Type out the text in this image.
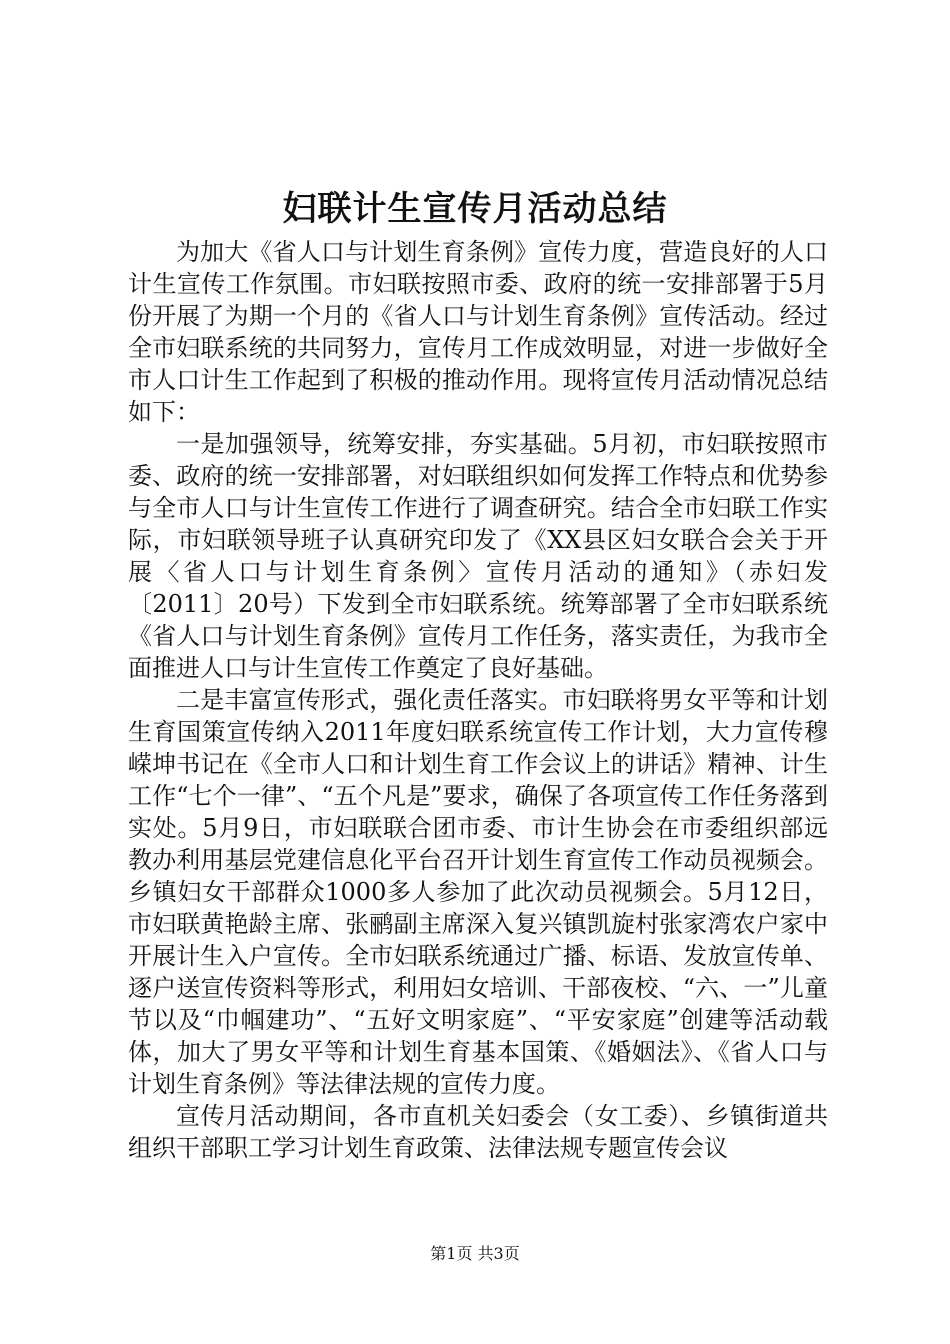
妇联计生宣传月活动总结

为加大《省人口与计划生育条例》宣传力度，营造良好的人口计生宣传工作氛围。市妇联按照市委、政府的统一安排部署于5月份开展了为期一个月的《省人口与计划生育条例》宣传活动。经过全市妇联系统的共同努力，宣传月工作成效明显，对进一步做好全市人口计生工作起到了积极的推动作用。现将宣传月活动情况总结如下：

一是加强领导，统筹安排，夯实基础。5月初，市妇联按照市委、政府的统一安排部署，对妇联组织如何发挥工作特点和优势参与全市人口与计生宣传工作进行了调查研究。结合全市妇联工作实际，市妇联领导班子认真研究印发了《XX县区妇女联合会关于开展〈省人口与计划生育条例〉宣传月活动的通知》（赤妇发〔2011〕20号）下发到全市妇联系统。统筹部署了全市妇联系统《省人口与计划生育条例》宣传月工作任务，落实责任，为我市全面推进人口与计生宣传工作奠定了良好基础。

二是丰富宣传形式，强化责任落实。市妇联将男女平等和计划生育国策宣传纳入2011年度妇联系统宣传工作计划，大力宣传穆嵘坤书记在《全市人口和计划生育工作会议上的讲话》精神、计生工作“七个一律”、“五个凡是”要求，确保了各项宣传工作任务落到实处。5月9日，市妇联联合团市委、市计生协会在市委组织部远教办利用基层党建信息化平台召开计划生育宣传工作动员视频会。乡镇妇女干部群众1000多人参加了此次动员视频会。5月12日，市妇联黄艳龄主席、张鹂副主席深入复兴镇凯旋村张家湾农户家中开展计生入户宣传。全市妇联系统通过广播、标语、发放宣传单、逐户送宣传资料等形式，利用妇女培训、干部夜校、“六、一”儿童节以及“巾帼建功”、“五好文明家庭”、“平安家庭”创建等活动载体，加大了男女平等和计划生育基本国策、《婚姻法》、《省人口与计划生育条例》等法律法规的宣传力度。

宣传月活动期间，各市直机关妇委会（女工委）、乡镇街道共组织干部职工学习计划生育政策、法律法规专题宣传会议

第1页 共3页
